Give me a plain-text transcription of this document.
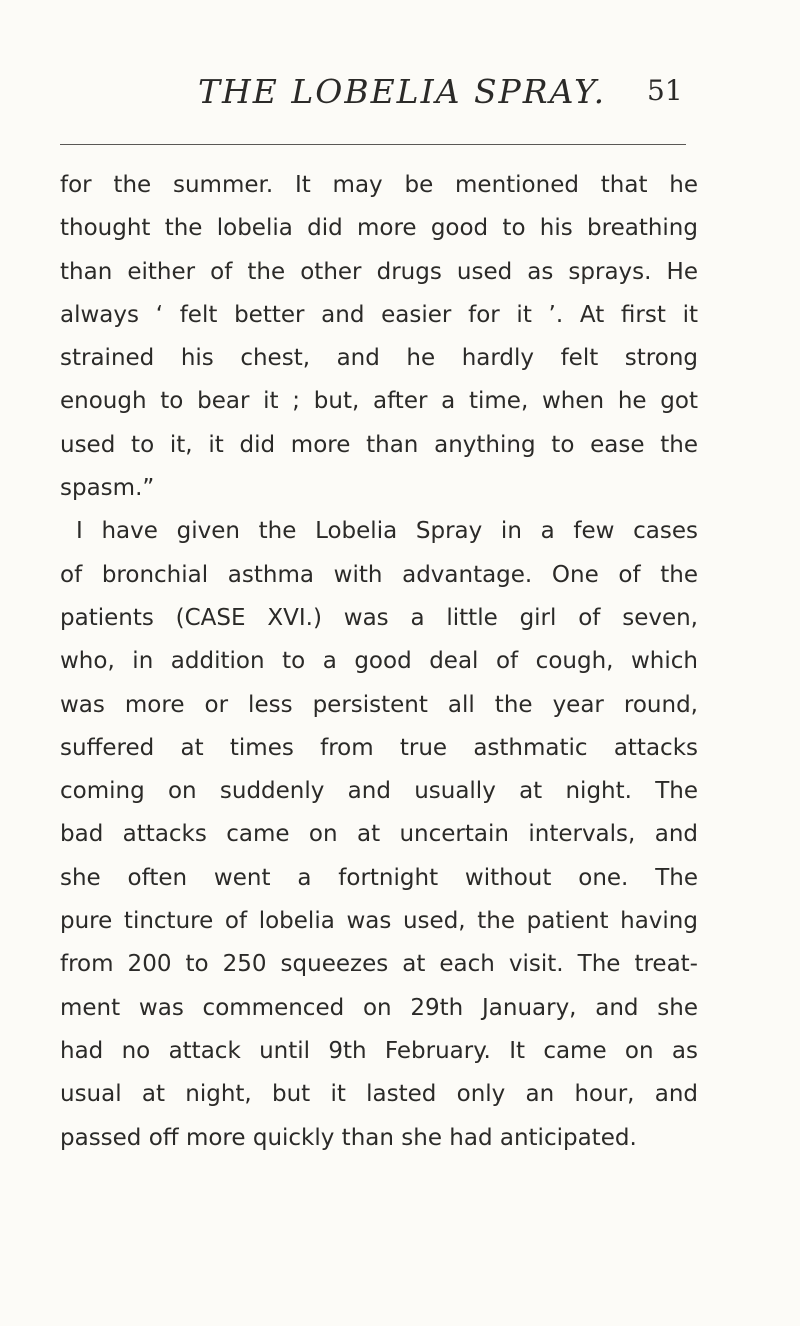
THE LOBELIA SPRAY. 51
for the summer. It may be mentioned that he
thought the lobelia did more good to his breathing
than either of the other drugs used as sprays. He
always ‘ felt better and easier for it ’. At first it
strained his chest, and he hardly felt strong
enough to bear it ; but, after a time, when he got
used to it, it did more than anything to ease the
spasm.”
I have given the Lobelia Spray in a few cases
of bronchial asthma with advantage. One of the
patients (CASE XVI.) was a little girl of seven,
who, in addition to a good deal of cough, which
was more or less persistent all the year round,
suffered at times from true asthmatic attacks
coming on suddenly and usually at night. The
bad attacks came on at uncertain intervals, and
she often went a fortnight without one. The
pure tincture of lobelia was used, the patient having
from 200 to 250 squeezes at each visit. The treat-
ment was commenced on 29th January, and she
had no attack until 9th February. It came on as
usual at night, but it lasted only an hour, and
passed off more quickly than she had anticipated.
